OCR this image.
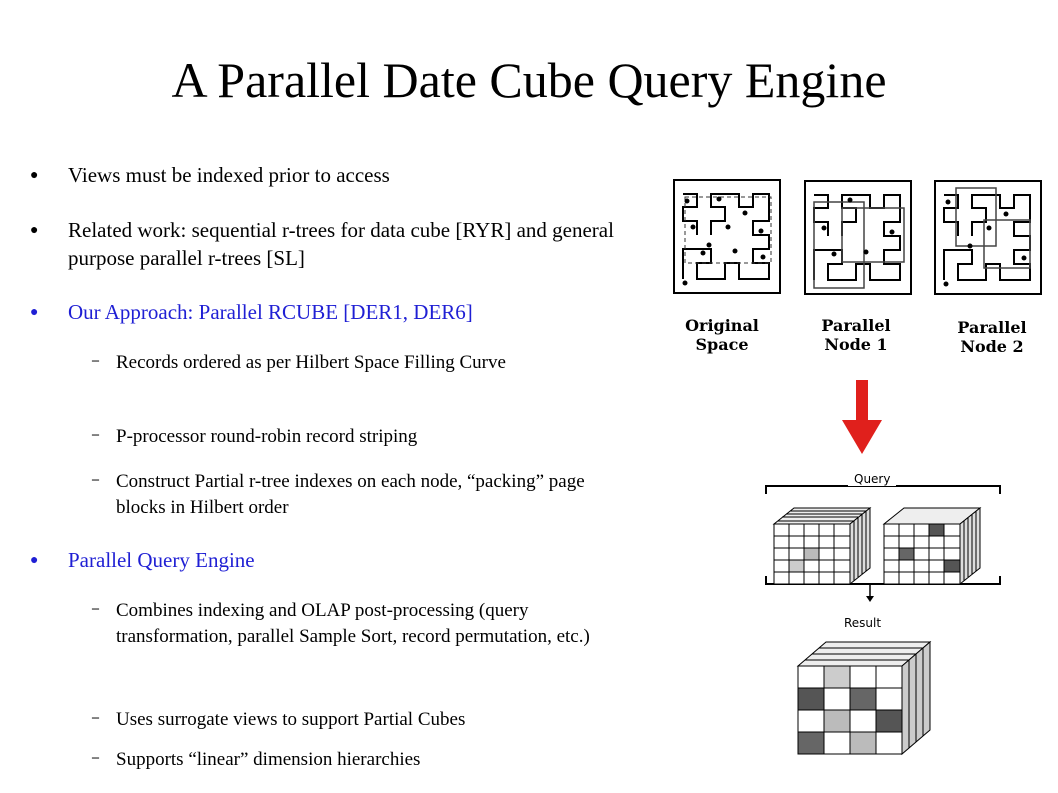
A Parallel Date Cube Query Engine
● Views must be indexed prior to access
● Related work: sequential r-trees for data cube [RYR] and general purpose parallel r-trees [SL]
● Our Approach: Parallel RCUBE [DER1, DER6]
– Records ordered as per Hilbert Space Filling Curve
– P-processor round-robin record striping
– Construct Partial r-tree indexes on each node, “packing” page blocks in Hilbert order
● Parallel Query Engine
– Combines indexing and OLAP post-processing (query transformation, parallel Sample Sort, record permutation, etc.)
– Uses surrogate views to support Partial Cubes
– Supports “linear” dimension hierarchies
Original
Space
Parallel
Node 1
Parallel
Node 2
Query
Result
